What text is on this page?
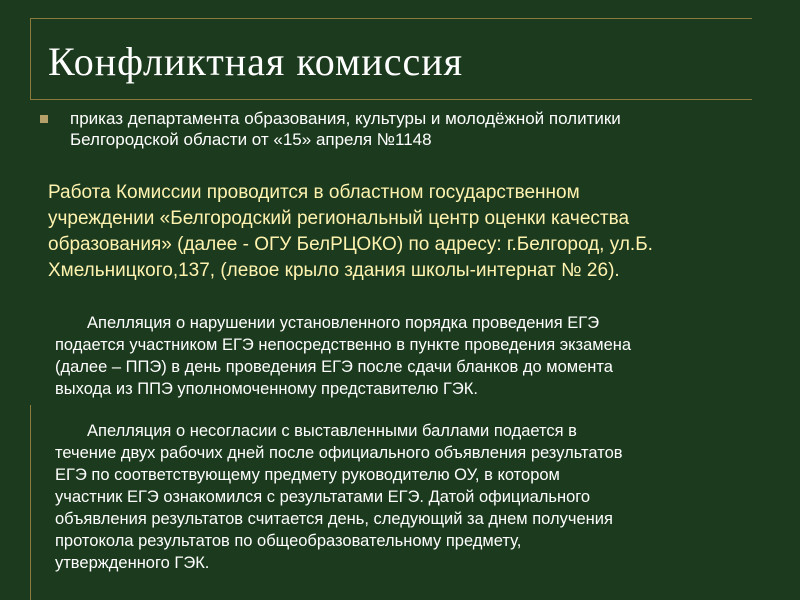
Конфликтная комиссия
приказ департамента образования, культуры и молодёжной политики
Белгородской области от «15» апреля №1148
Работа Комиссии проводится в областном государственном
учреждении «Белгородский региональный центр оценки качества
образования» (далее - ОГУ БелРЦОКО) по адресу: г.Белгород, ул.Б.
Хмельницкого,137, (левое крыло здания школы-интернат № 26).
Апелляция о нарушении установленного порядка проведения ЕГЭ
подается участником ЕГЭ непосредственно в пункте проведения экзамена
(далее – ППЭ) в день проведения ЕГЭ после сдачи бланков до момента
выхода из ППЭ уполномоченному представителю ГЭК.
Апелляция о несогласии с выставленными баллами подается в
течение двух рабочих дней после официального объявления результатов
ЕГЭ по соответствующему предмету руководителю ОУ, в котором
участник ЕГЭ ознакомился с результатами ЕГЭ. Датой официального
объявления результатов считается день, следующий за днем получения
протокола результатов по общеобразовательному предмету,
утвержденного ГЭК.
